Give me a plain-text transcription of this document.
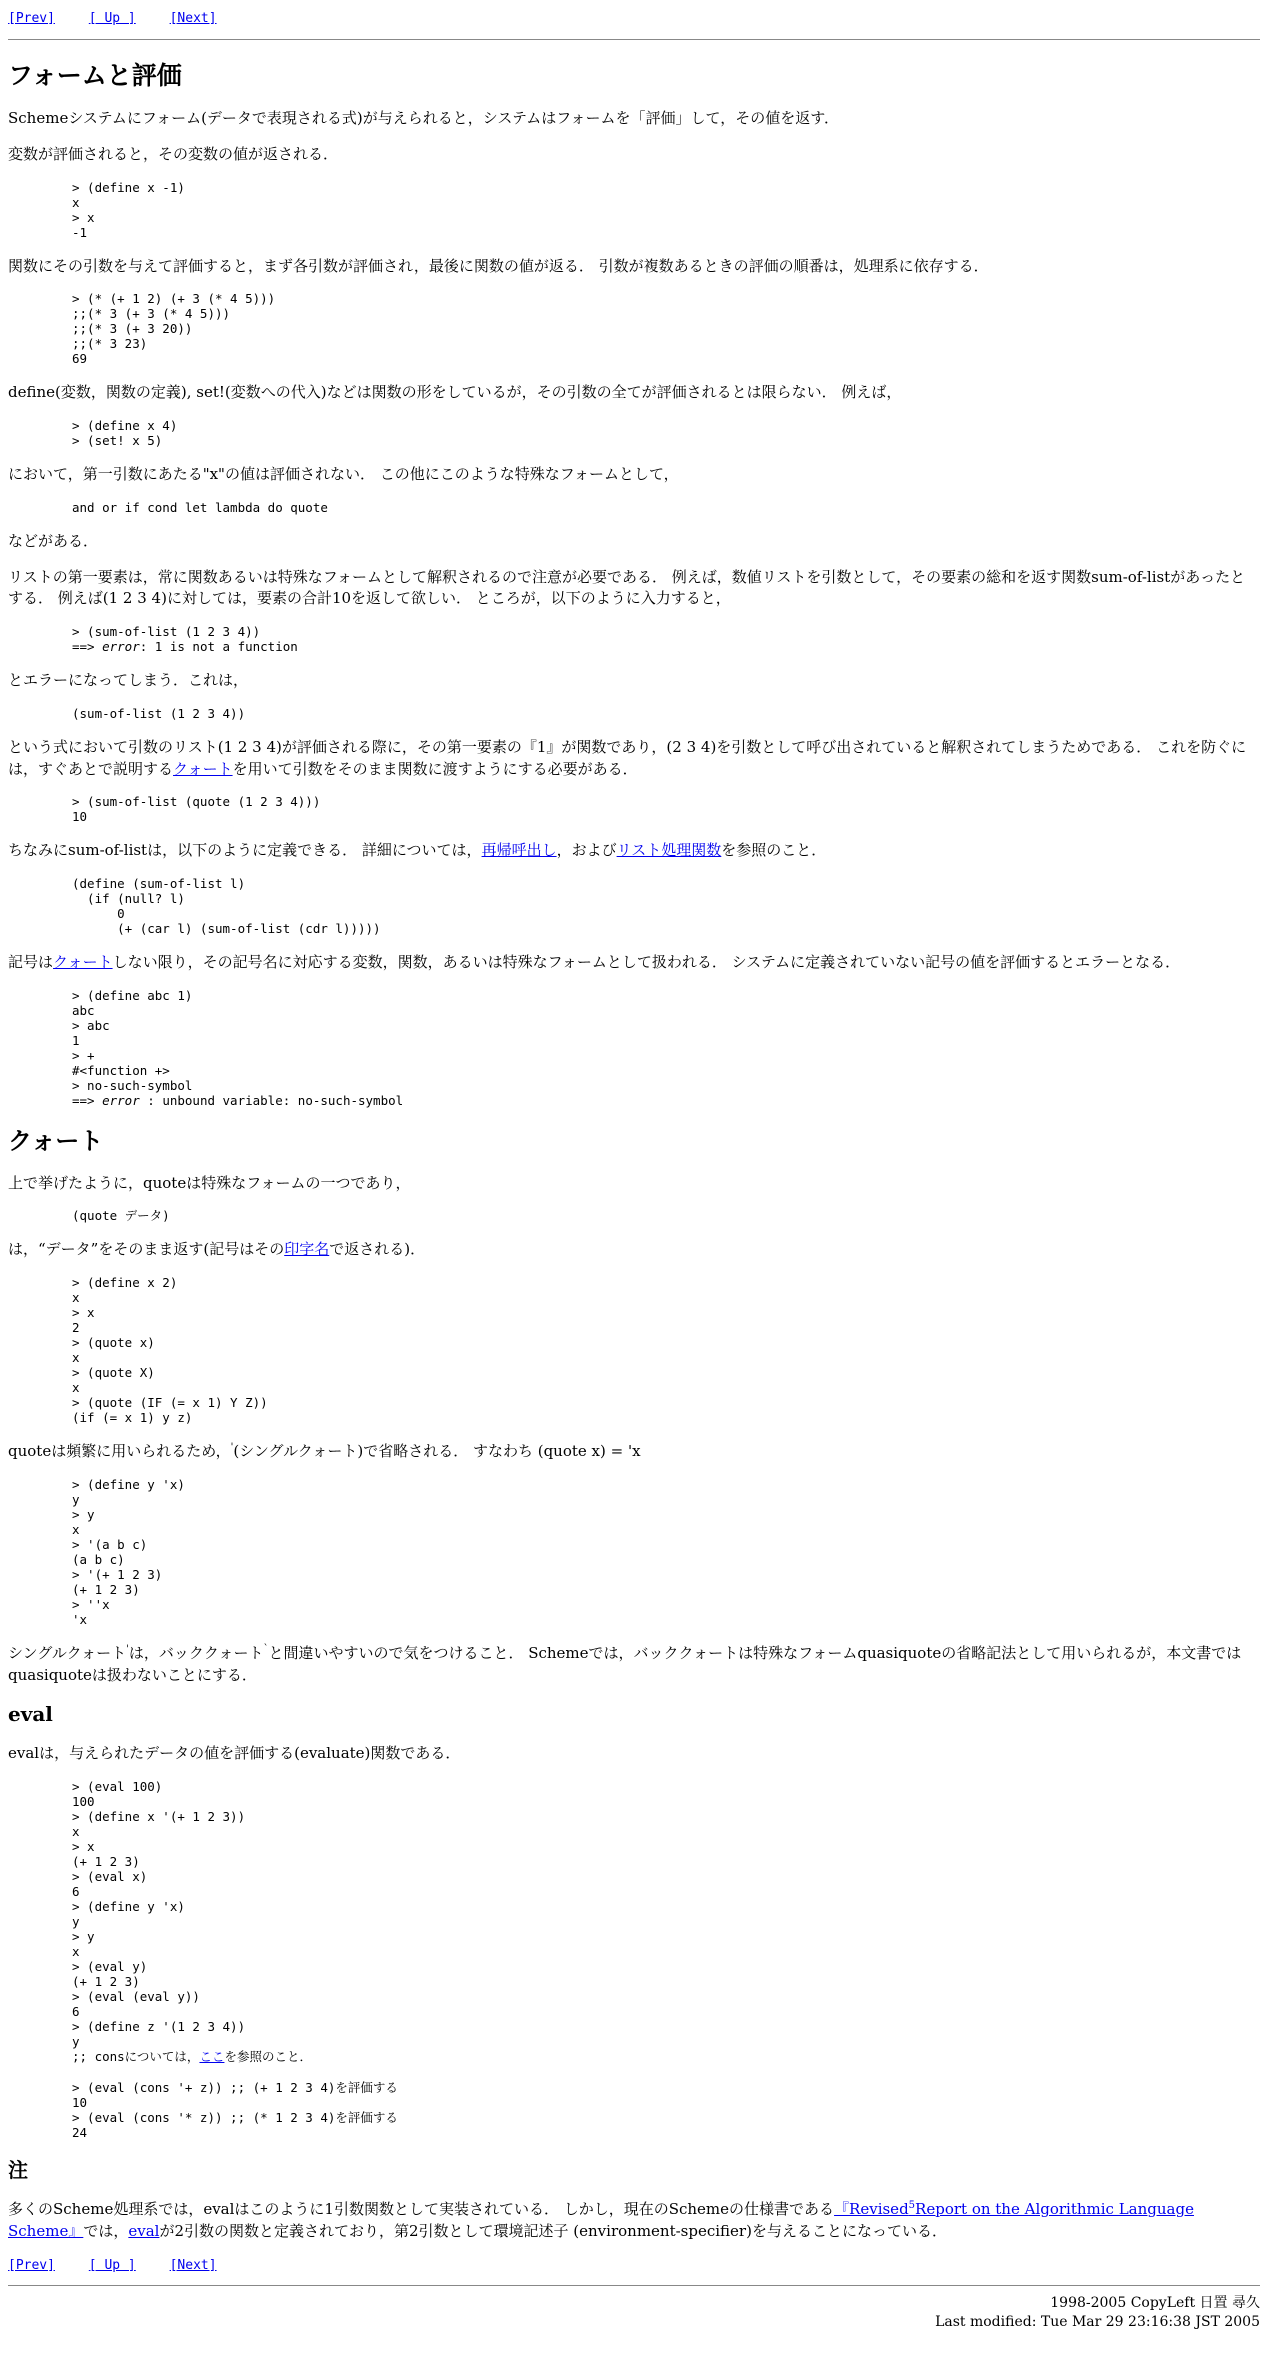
[Prev]	[ Up ]	[Next]
フォームと評価

Schemeシステムにフォーム(データで表現される式)が与えられると，システムはフォームを「評価」して，その値を返す．

変数が評価されると，その変数の値が返される．

> (define x -1)
x
> x
-1

関数にその引数を与えて評価すると，まず各引数が評価され，最後に関数の値が返る． 引数が複数あるときの評価の順番は，処理系に依存する．

> (* (+ 1 2) (+ 3 (* 4 5)))
;;(* 3 (+ 3 (* 4 5)))
;;(* 3 (+ 3 20))
;;(* 3 23)
69

define(変数，関数の定義), set!(変数への代入)などは関数の形をしているが，その引数の全てが評価されるとは限らない． 例えば，

> (define x 4)
> (set! x 5)

において，第一引数にあたる"x"の値は評価されない． この他にこのような特殊なフォームとして，

and or if cond let lambda do quote

などがある．

リストの第一要素は，常に関数あるいは特殊なフォームとして解釈されるので注意が必要である． 例えば，数値リストを引数として，その要素の総和を返す関数sum-of-listがあったとする． 例えば(1 2 3 4)に対しては，要素の合計10を返して欲しい． ところが，以下のように入力すると，

> (sum-of-list (1 2 3 4))
==> error: 1 is not a function

とエラーになってしまう．これは，

(sum-of-list (1 2 3 4))

という式において引数のリスト(1 2 3 4)が評価される際に，その第一要素の『1』が関数であり，(2 3 4)を引数として呼び出されていると解釈されてしまうためである． これを防ぐには，すぐあとで説明するクォートを用いて引数をそのまま関数に渡すようにする必要がある．

> (sum-of-list (quote (1 2 3 4)))
10

ちなみにsum-of-listは，以下のように定義できる． 詳細については，再帰呼出し，およびリスト処理関数を参照のこと．

(define (sum-of-list l)
(if (null? l)
0
(+ (car l) (sum-of-list (cdr l)))))

記号はクォートしない限り，その記号名に対応する変数，関数，あるいは特殊なフォームとして扱われる． システムに定義されていない記号の値を評価するとエラーとなる．

> (define abc 1)
abc
> abc
1
> +
#<function +>
> no-such-symbol
==> error : unbound variable: no-such-symbol
クォート

上で挙げたように，quoteは特殊なフォームの一つであり，

(quote データ)

は，“データ”をそのまま返す(記号はその印字名で返される)．

> (define x 2)
x
> x
2
> (quote x)
x
> (quote X)
x
> (quote (IF (= x 1) Y Z))
(if (= x 1) y z)

quoteは頻繁に用いられるため，'(シングルクォート)で省略される． すなわち (quote x) = 'x

> (define y 'x)
y
> y
x
> '(a b c)
(a b c)
> '(+ 1 2 3)
(+ 1 2 3)
> ''x
'x

シングルクォート'は，バッククォート`と間違いやすいので気をつけること． Schemeでは，バッククォートは特殊なフォームquasiquoteの省略記法として用いられるが，本文書ではquasiquoteは扱わないことにする．

eval

evalは，与えられたデータの値を評価する(evaluate)関数である．

> (eval 100)
100
> (define x '(+ 1 2 3))
x
> x
(+ 1 2 3)
> (eval x)
6
> (define y 'x)
y
> y
x
> (eval y)
(+ 1 2 3)
> (eval (eval y))
6
> (define z '(1 2 3 4))
y
;; consについては，ここを参照のこと．
> (eval (cons '+ z)) ;; (+ 1 2 3 4)を評価する
10
> (eval (cons '* z)) ;; (* 1 2 3 4)を評価する
24
注

多くのScheme処理系では，evalはこのように1引数関数として実装されている． しかし，現在のSchemeの仕様書である『Revised$^5$Report on the Algorithmic Language Scheme』では，evalが2引数の関数と定義されており，第2引数として環境記述子 (environment-specifier)を与えることになっている．

[Prev]	[ Up ]	[Next]
1998-2005 CopyLeft 日置 尋久
Last modified: Tue Mar 29 23:16:38 JST 2005
